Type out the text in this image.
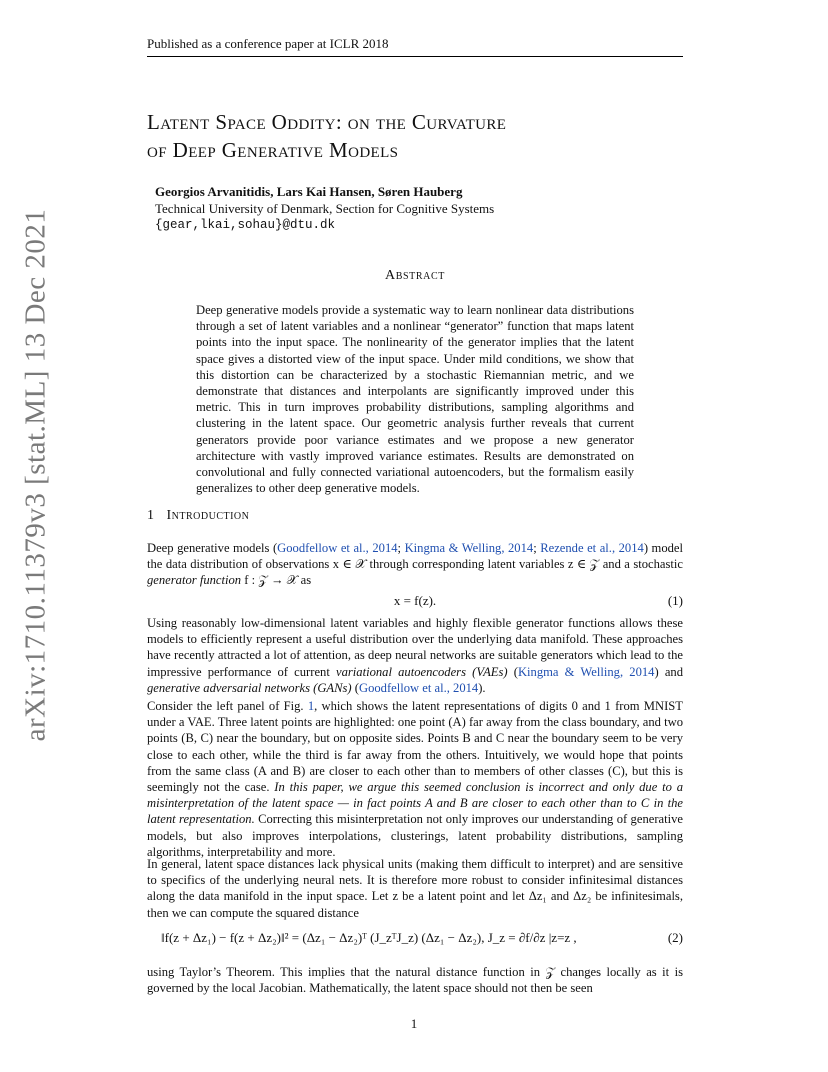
Published as a conference paper at ICLR 2018
arXiv:1710.11379v3 [stat.ML] 13 Dec 2021
Latent Space Oddity: on the Curvature
of Deep Generative Models
Georgios Arvanitidis, Lars Kai Hansen, Søren Hauberg
Technical University of Denmark, Section for Cognitive Systems
{gear,lkai,sohau}@dtu.dk
Abstract
Deep generative models provide a systematic way to learn nonlinear data distributions through a set of latent variables and a nonlinear “generator” function that maps latent points into the input space. The nonlinearity of the generator implies that the latent space gives a distorted view of the input space. Under mild conditions, we show that this distortion can be characterized by a stochastic Riemannian metric, and we demonstrate that distances and interpolants are significantly improved under this metric. This in turn improves probability distributions, sampling algorithms and clustering in the latent space. Our geometric analysis further reveals that current generators provide poor variance estimates and we propose a new generator architecture with vastly improved variance estimates. Results are demonstrated on convolutional and fully connected variational autoencoders, but the formalism easily generalizes to other deep generative models.
1 Introduction
Deep generative models (Goodfellow et al., 2014; Kingma & Welling, 2014; Rezende et al., 2014) model the data distribution of observations x ∈ 𝒳 through corresponding latent variables z ∈ 𝒵 and a stochastic generator function f : 𝒵 → 𝒳 as
x = f(z).	(1)
Using reasonably low-dimensional latent variables and highly flexible generator functions allows these models to efficiently represent a useful distribution over the underlying data manifold. These approaches have recently attracted a lot of attention, as deep neural networks are suitable generators which lead to the impressive performance of current variational autoencoders (VAEs) (Kingma & Welling, 2014) and generative adversarial networks (GANs) (Goodfellow et al., 2014).
Consider the left panel of Fig. 1, which shows the latent representations of digits 0 and 1 from MNIST under a VAE. Three latent points are highlighted: one point (A) far away from the class boundary, and two points (B, C) near the boundary, but on opposite sides. Points B and C near the boundary seem to be very close to each other, while the third is far away from the others. Intuitively, we would hope that points from the same class (A and B) are closer to each other than to members of other classes (C), but this is seemingly not the case. In this paper, we argue this seemed conclusion is incorrect and only due to a misinterpretation of the latent space — in fact points A and B are closer to each other than to C in the latent representation. Correcting this misinterpretation not only improves our understanding of generative models, but also improves interpolations, clusterings, latent probability distributions, sampling algorithms, interpretability and more.
In general, latent space distances lack physical units (making them difficult to interpret) and are sensitive to specifics of the underlying neural nets. It is therefore more robust to consider infinitesimal distances along the data manifold in the input space. Let z be a latent point and let Δz₁ and Δz₂ be infinitesimals, then we can compute the squared distance
‖f(z + Δz₁) − f(z + Δz₂)‖² = (Δz₁ − Δz₂)ᵀ (J_zᵀJ_z) (Δz₁ − Δz₂), J_z = ∂f/∂z |z=z ,	(2)
using Taylor’s Theorem. This implies that the natural distance function in 𝒵 changes locally as it is governed by the local Jacobian. Mathematically, the latent space should not then be seen
1
